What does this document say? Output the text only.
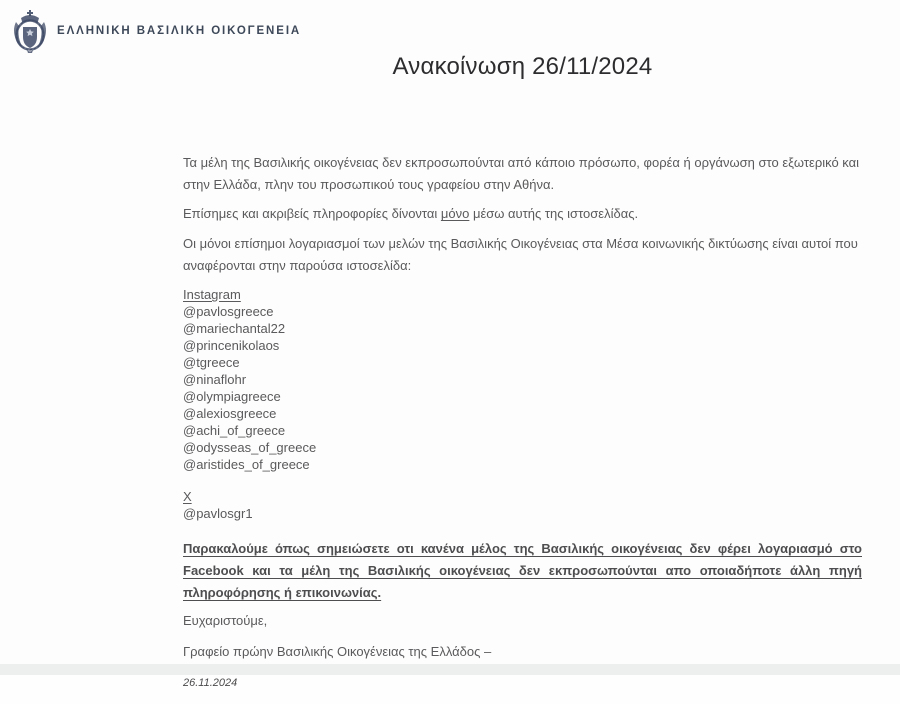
ΕΛΛΗΝΙΚΗ ΒΑΣΙΛΙΚΗ ΟΙΚΟΓΕΝΕΙΑ
Ανακοίνωση 26/11/2024

Τα μέλη της Βασιλικής οικογένειας δεν εκπροσωπούνται από κάποιο πρόσωπο, φορέα ή οργάνωση στο εξωτερικό και στην Ελλάδα, πλην του προσωπικού τους γραφείου στην Αθήνα.

Επίσημες και ακριβείς πληροφορίες δίνονται μόνο μέσω αυτής της ιστοσελίδας.

Οι μόνοι επίσημοι λογαριασμοί των μελών της Βασιλικής Οικογένειας στα Μέσα κοινωνικής δικτύωσης είναι αυτοί που αναφέρονται στην παρούσα ιστοσελίδα:

Instagram
@pavlosgreece
@mariechantal22
@princenikolaos
@tgreece
@ninaflohr
@olympiagreece
@alexiosgreece
@achi_of_greece
@odysseas_of_greece
@aristides_of_greece
X
@pavlosgr1

Παρακαλούμε όπως σημειώσετε οτι κανένα μέλος της Βασιλικής οικογένειας δεν φέρει λογαριασμό στο Facebook και τα μέλη της Βασιλικής οικογένειας δεν εκπροσωπούνται απο οποιαδήποτε άλλη πηγή πληροφόρησης ή επικοινωνίας.

Ευχαριστούμε,

Γραφείο πρώην Βασιλικής Οικογένειας της Ελλάδος –

26.11.2024
